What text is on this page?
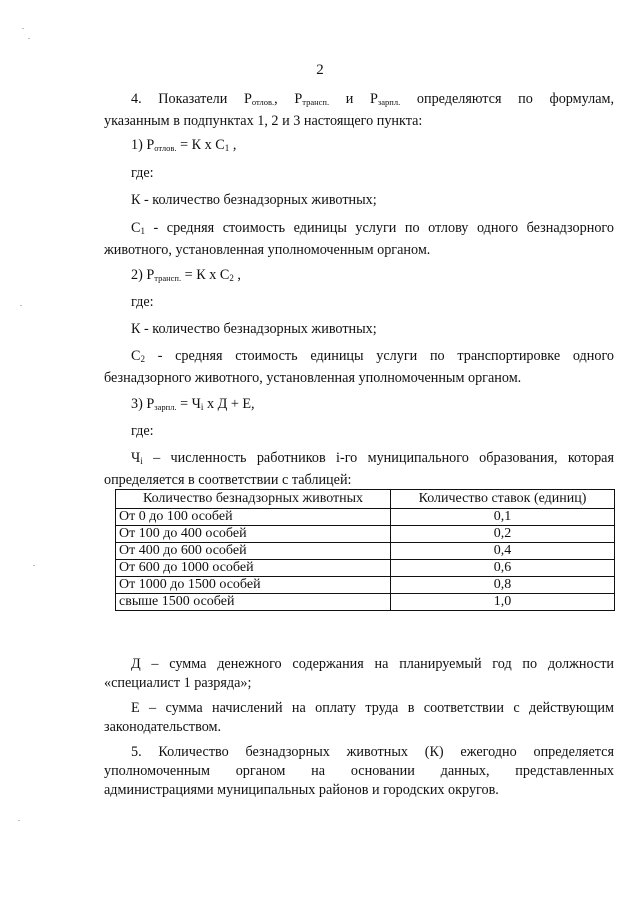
2
4. Показатели $P_{отлов.}$, $P_{трансп.}$ и $P_{зарпл.}$ определяются по формулам,
указанным в подпунктах 1, 2 и 3 настоящего пункта:
1) $P_{отлов.} = К$ х $С_1$ ,
где:
К - количество безнадзорных животных;
$С_1$ - средняя стоимость единицы услуги по отлову одного безнадзорного
животного, установленная уполномоченным органом.
2) $P_{трансп.} = К$ х $С_2$ ,
где:
К - количество безнадзорных животных;
$С_2$ - средняя стоимость единицы услуги по транспортировке одного
безнадзорного животного, установленная уполномоченным органом.
3) $P_{зарпл.} = Ч_i$ х Д + Е,
где:
$Ч_i$ – численность работников i-го муниципального образования, которая
определяется в соответствии с таблицей:
Количество безнадзорных животных	Количество ставок (единиц)
От 0 до 100 особей	0,1
От 100 до 400 особей	0,2
От 400 до 600 особей	0,4
От 600 до 1000 особей	0,6
От 1000 до 1500 особей	0,8
свыше 1500 особей	1,0
Д – сумма денежного содержания на планируемый год по должности
«специалист 1 разряда»;
Е – сумма начислений на оплату труда в соответствии с действующим
законодательством.
5. Количество безнадзорных животных (К) ежегодно определяется
уполномоченным органом на основании данных, представленных
администрациями муниципальных районов и городских округов.
